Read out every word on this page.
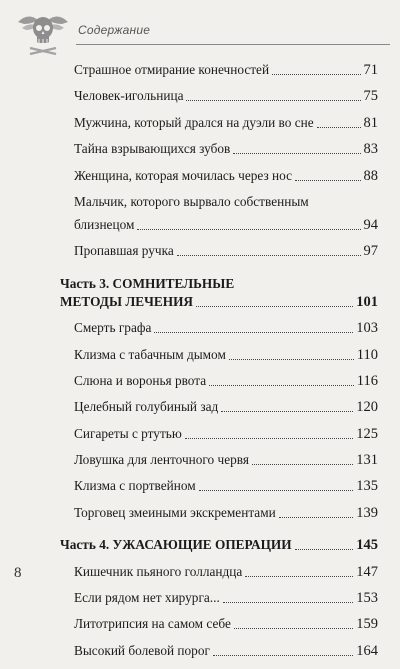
Содержание
Страшное отмирание конечностей	71
Человек-игольница	75
Мужчина, который дрался на дуэли во сне	81
Тайна взрывающихся зубов	83
Женщина, которая мочилась через нос	88
Мальчик, которого вырвало собственным
близнецом	94
Пропавшая ручка	97
Часть 3. СОМНИТЕЛЬНЫЕ
МЕТОДЫ ЛЕЧЕНИЯ	101
Смерть графа	103
Клизма с табачным дымом	110
Слюна и воронья рвота	116
Целебный голубиный зад	120
Сигареты с ртутью	125
Ловушка для ленточного червя	131
Клизма с портвейном	135
Торговец змеиными экскрементами	139
Часть 4. УЖАСАЮЩИЕ ОПЕРАЦИИ	145
Кишечник пьяного голландца	147
Если рядом нет хирурга...	153
Литотрипсия на самом себе	159
Высокий болевой порог	164
8
